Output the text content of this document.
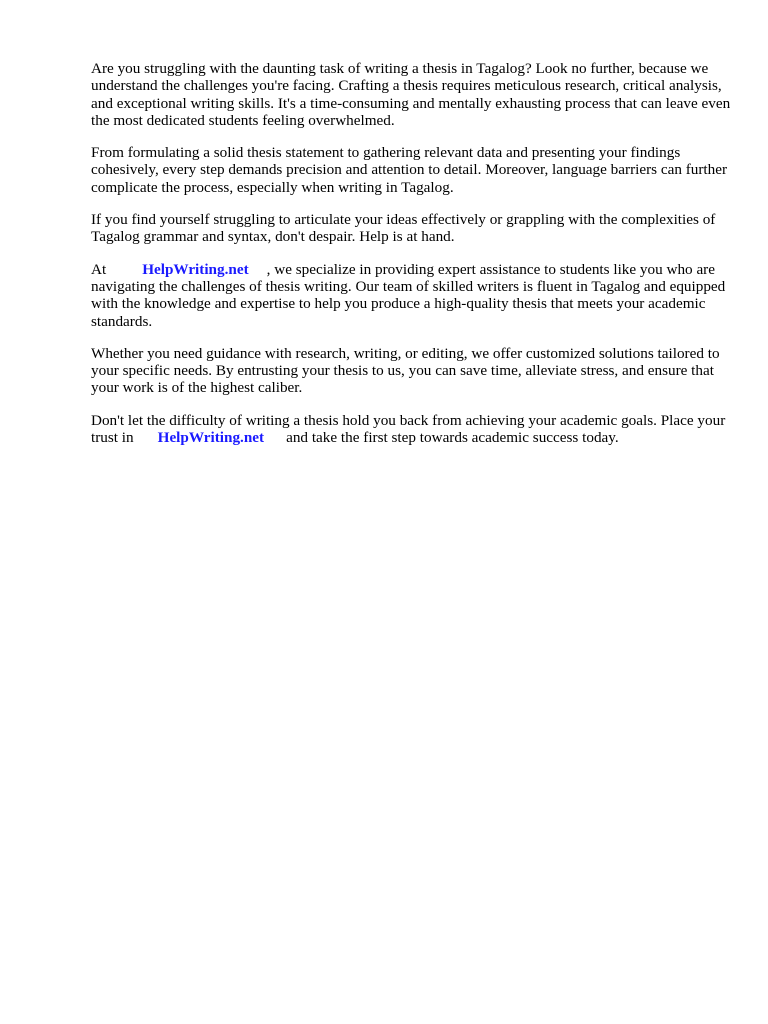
Are you struggling with the daunting task of writing a thesis in Tagalog? Look no further, because we understand the challenges you're facing. Crafting a thesis requires meticulous research, critical analysis, and exceptional writing skills. It's a time-consuming and mentally exhausting process that can leave even the most dedicated students feeling overwhelmed.

From formulating a solid thesis statement to gathering relevant data and presenting your findings cohesively, every step demands precision and attention to detail. Moreover, language barriers can further complicate the process, especially when writing in Tagalog.

If you find yourself struggling to articulate your ideas effectively or grappling with the complexities of Tagalog grammar and syntax, don't despair. Help is at hand.

At HelpWriting.net , we specialize in providing expert assistance to students like you who are navigating the challenges of thesis writing. Our team of skilled writers is fluent in Tagalog and equipped with the knowledge and expertise to help you produce a high-quality thesis that meets your academic standards.

Whether you need guidance with research, writing, or editing, we offer customized solutions tailored to your specific needs. By entrusting your thesis to us, you can save time, alleviate stress, and ensure that your work is of the highest caliber.

Don't let the difficulty of writing a thesis hold you back from achieving your academic goals. Place your trust in HelpWriting.net and take the first step towards academic success today.
